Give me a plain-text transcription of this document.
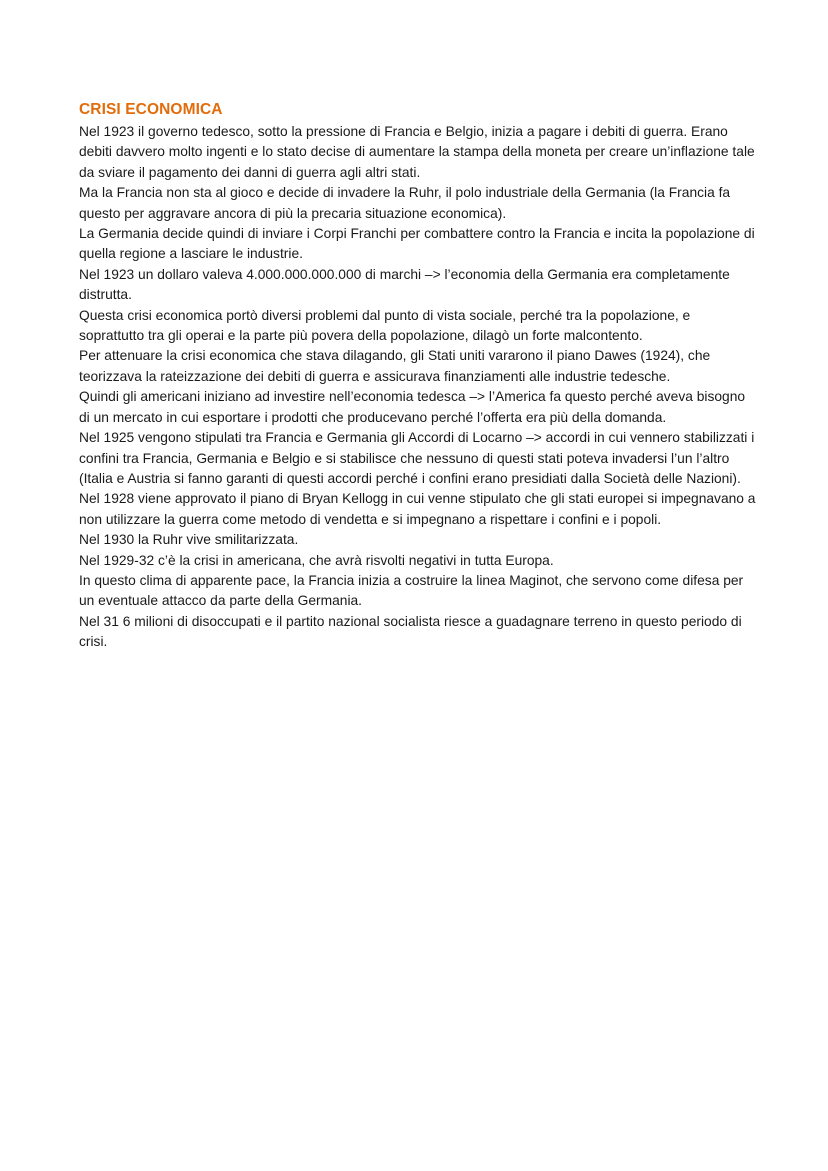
CRISI ECONOMICA

Nel 1923 il governo tedesco, sotto la pressione di Francia e Belgio, inizia a pagare i debiti di guerra. Erano debiti davvero molto ingenti e lo stato decise di aumentare la stampa della moneta per creare un’inflazione tale da sviare il pagamento dei danni di guerra agli altri stati.

Ma la Francia non sta al gioco e decide di invadere la Ruhr, il polo industriale della Germania (la Francia fa questo per aggravare ancora di più la precaria situazione economica).

La Germania decide quindi di inviare i Corpi Franchi per combattere contro la Francia e incita la popolazione di quella regione a lasciare le industrie.

Nel 1923 un dollaro valeva 4.000.000.000.000 di marchi –> l’economia della Germania era completamente distrutta.

Questa crisi economica portò diversi problemi dal punto di vista sociale, perché tra la popolazione, e soprattutto tra gli operai e la parte più povera della popolazione, dilagò un forte malcontento.

Per attenuare la crisi economica che stava dilagando, gli Stati uniti vararono il piano Dawes (1924), che teorizzava la rateizzazione dei debiti di guerra e assicurava finanziamenti alle industrie tedesche.

Quindi gli americani iniziano ad investire nell’economia tedesca –> l’America fa questo perché aveva bisogno di un mercato in cui esportare i prodotti che producevano perché l’offerta era più della domanda.

Nel 1925 vengono stipulati tra Francia e Germania gli Accordi di Locarno –> accordi in cui vennero stabilizzati i confini tra Francia, Germania e Belgio e si stabilisce che nessuno di questi stati poteva invadersi l’un l’altro (Italia e Austria si fanno garanti di questi accordi perché i confini erano presidiati dalla Società delle Nazioni).

Nel 1928 viene approvato il piano di Bryan Kellogg in cui venne stipulato che gli stati europei si impegnavano a non utilizzare la guerra come metodo di vendetta e si impegnano a rispettare i confini e i popoli.

Nel 1930 la Ruhr vive smilitarizzata.

Nel 1929-32 c’è la crisi in americana, che avrà risvolti negativi in tutta Europa.

In questo clima di apparente pace, la Francia inizia a costruire la linea Maginot, che servono come difesa per un eventuale attacco da parte della Germania.

Nel 31 6 milioni di disoccupati e il partito nazional socialista riesce a guadagnare terreno in questo periodo di crisi.
